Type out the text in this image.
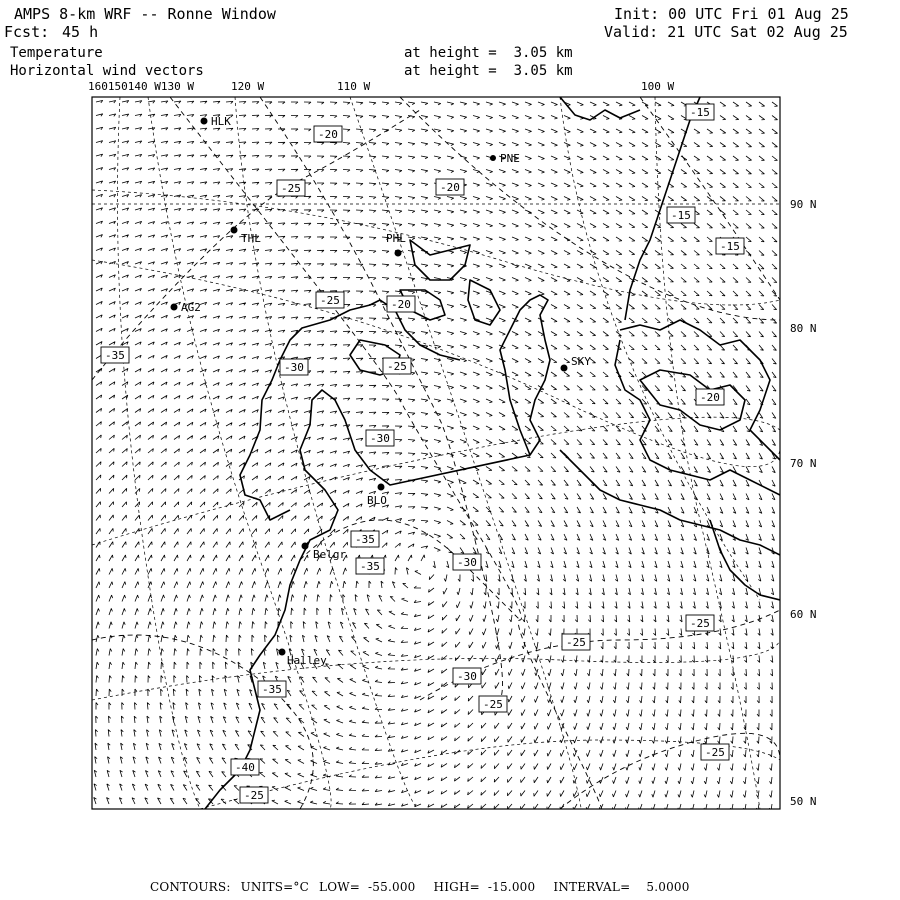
AMPS 8-km WRF -- Ronne Window
Fcst: 45 h
Temperature
Horizontal wind vectors
at height =  3.05 km
at height =  3.05 km
Init: 00 UTC Fri 01 Aug 25
Valid: 21 UTC Sat 02 Aug 25
160150140 W130 W	120 W	110 W	100 W
90 N
80 N
70 N
60 N
50 N
HLK
PNE
THL	PHL
AG2
SKY
BLO
Belgr
Halley
-20
-15
-25	-20
-15
-15
-25	-20
-35
-25
-30
-30
-20
-35
-35	-30
-25
-25
-30
-35
-25
-25
-40
-25
CONTOURS: UNITS=°C LOW=  -55.000 HIGH=  -15.000 INTERVAL=    5.0000
